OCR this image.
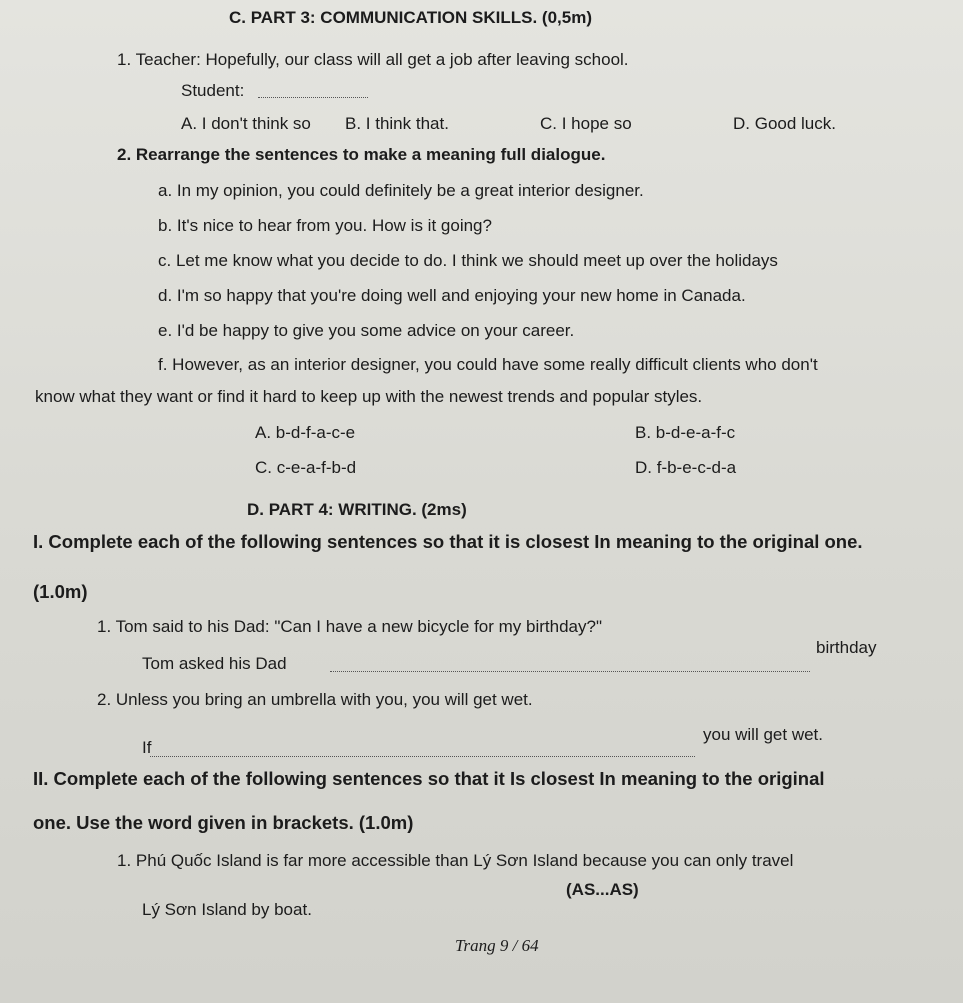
C. PART 3: COMMUNICATION SKILLS. (0,5m)
1. Teacher: Hopefully, our class will all get a job after leaving school.
Student:
A. I don't think so B. I think that.	C. I hope so	D. Good luck.
2. Rearrange the sentences to make a meaning full dialogue.
a. In my opinion, you could definitely be a great interior designer.
b. It's nice to hear from you. How is it going?
c. Let me know what you decide to do. I think we should meet up over the holidays
d. I'm so happy that you're doing well and enjoying your new home in Canada.
e. I'd be happy to give you some advice on your career.
f. However, as an interior designer, you could have some really difficult clients who don't
know what they want or find it hard to keep up with the newest trends and popular styles.
A. b-d-f-a-c-e	B. b-d-e-a-f-c
C. c-e-a-f-b-d	D. f-b-e-c-d-a
D. PART 4: WRITING. (2ms)
I. Complete each of the following sentences so that it is closest In meaning to the original one.
(1.0m)
1. Tom said to his Dad: "Can I have a new bicycle for my birthday?"
Tom asked his Dad
birthday
2. Unless you bring an umbrella with you, you will get wet.
If
you will get wet.
II. Complete each of the following sentences so that it Is closest In meaning to the original
one. Use the word given in brackets. (1.0m)
1. Phú Quốc Island is far more accessible than Lý Sơn Island because you can only travel
Lý Sơn Island by boat.
(AS...AS)
Trang 9 / 64
